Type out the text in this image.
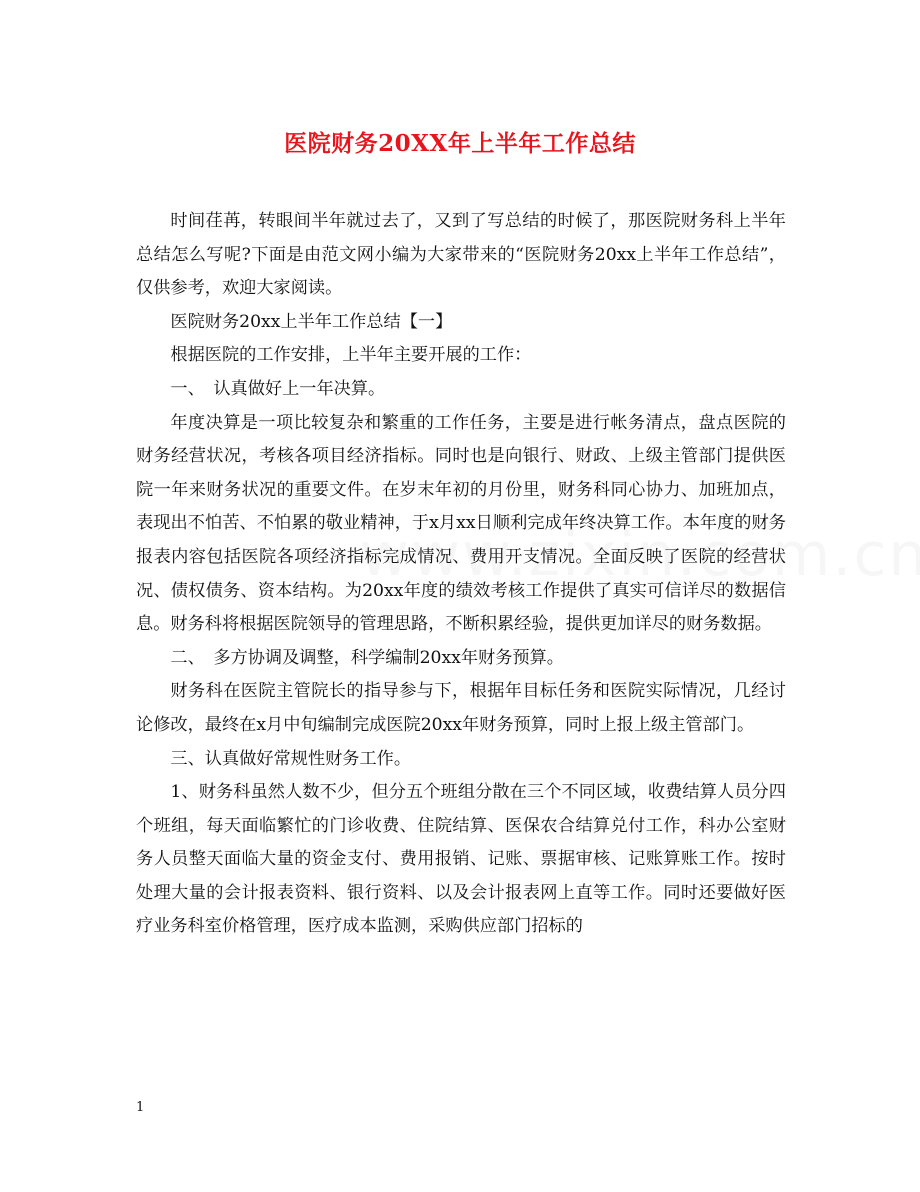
医院财务20XX年上半年工作总结

时间荏苒，转眼间半年就过去了，又到了写总结的时候了，那医院财务科上半年总结怎么写呢?下面是由范文网小编为大家带来的“医院财务20xx上半年工作总结”，仅供参考，欢迎大家阅读。

医院财务20xx上半年工作总结【一】

根据医院的工作安排，上半年主要开展的工作：

一、　认真做好上一年决算。

年度决算是一项比较复杂和繁重的工作任务，主要是进行帐务清点，盘点医院的财务经营状况，考核各项目经济指标。同时也是向银行、财政、上级主管部门提供医院一年来财务状况的重要文件。在岁末年初的月份里，财务科同心协力、加班加点，表现出不怕苦、不怕累的敬业精神，于x月xx日顺利完成年终决算工作。本年度的财务报表内容包括医院各项经济指标完成情况、费用开支情况。全面反映了医院的经营状况、债权债务、资本结构。为20xx年度的绩效考核工作提供了真实可信详尽的数据信息。财务科将根据医院领导的管理思路，不断积累经验，提供更加详尽的财务数据。

二、　多方协调及调整，科学编制20xx年财务预算。

财务科在医院主管院长的指导参与下，根据年目标任务和医院实际情况，几经讨论修改，最终在x月中旬编制完成医院20xx年财务预算，同时上报上级主管部门。

三、认真做好常规性财务工作。

1、财务科虽然人数不少，但分五个班组分散在三个不同区域，收费结算人员分四个班组，每天面临繁忙的门诊收费、住院结算、医保农合结算兑付工作，科办公室财务人员整天面临大量的资金支付、费用报销、记账、票据审核、记账算账工作。按时处理大量的会计报表资料、银行资料、以及会计报表网上直等工作。同时还要做好医疗业务科室价格管理，医疗成本监测，采购供应部门招标的

1
